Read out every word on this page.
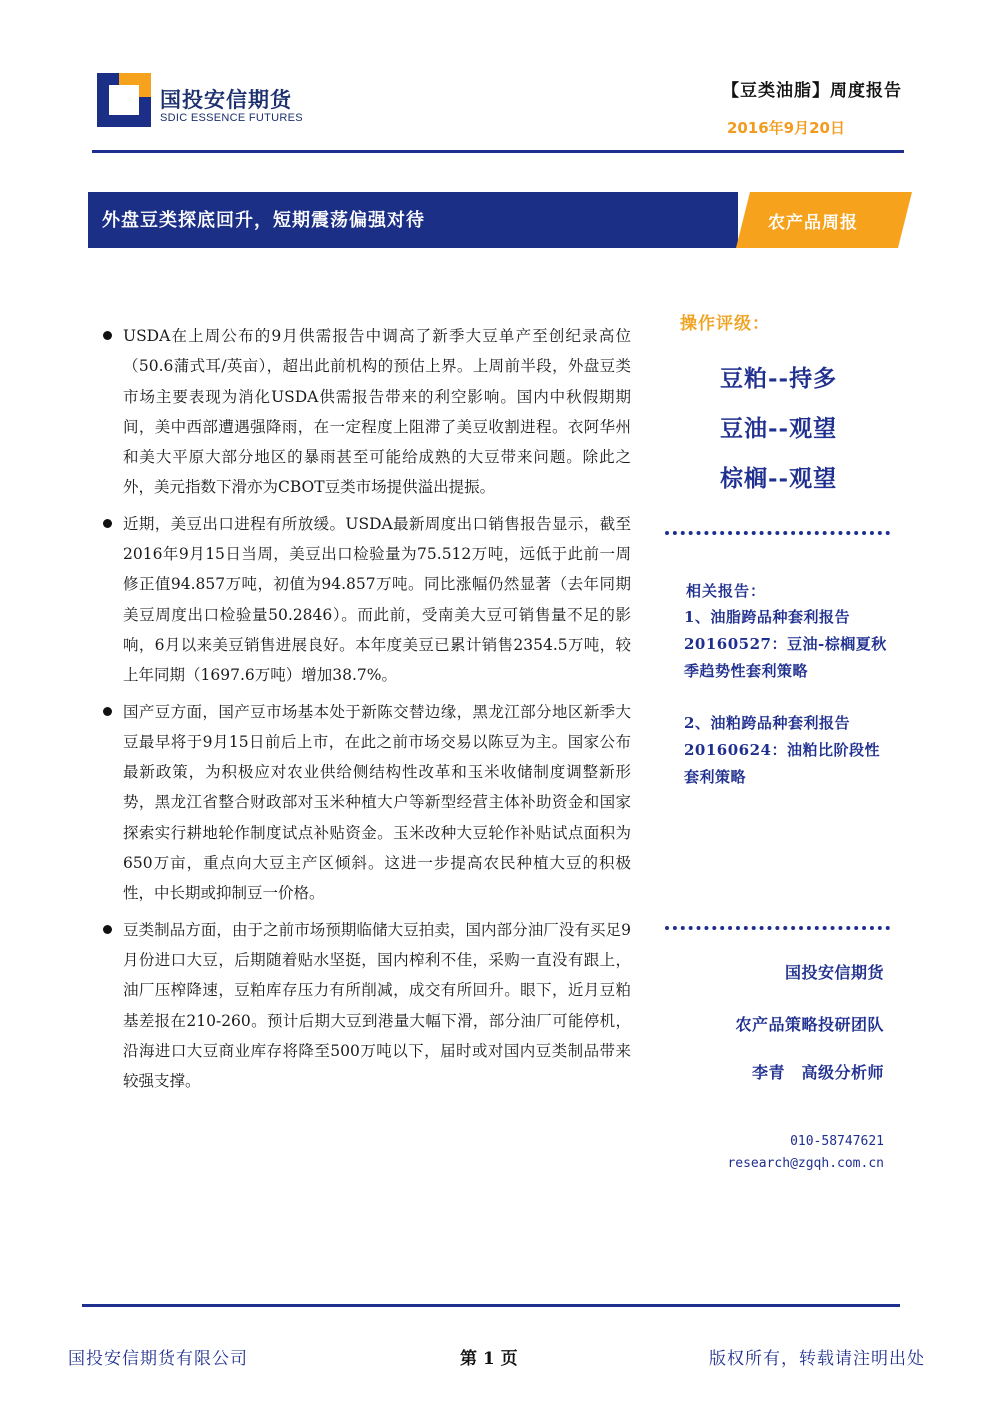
国投安信期货
SDIC ESSENCE FUTURES
【豆类油脂】周度报告
2016年9月20日
外盘豆类探底回升，短期震荡偏强对待	农产品周报
USDA在上周公布的9月供需报告中调高了新季大豆单产至创纪录高位（50.6蒲式耳/英亩），超出此前机构的预估上界。上周前半段，外盘豆类市场主要表现为消化USDA供需报告带来的利空影响。国内中秋假期期间，美中西部遭遇强降雨，在一定程度上阻滞了美豆收割进程。衣阿华州和美大平原大部分地区的暴雨甚至可能给成熟的大豆带来问题。除此之外，美元指数下滑亦为CBOT豆类市场提供溢出提振。
近期，美豆出口进程有所放缓。USDA最新周度出口销售报告显示，截至2016年9月15日当周，美豆出口检验量为75.512万吨，远低于此前一周修正值94.857万吨，初值为94.857万吨。同比涨幅仍然显著（去年同期美豆周度出口检验量50.2846）。而此前，受南美大豆可销售量不足的影响，6月以来美豆销售进展良好。本年度美豆已累计销售2354.5万吨，较上年同期（1697.6万吨）增加38.7%。
国产豆方面，国产豆市场基本处于新陈交替边缘，黑龙江部分地区新季大豆最早将于9月15日前后上市，在此之前市场交易以陈豆为主。国家公布最新政策，为积极应对农业供给侧结构性改革和玉米收储制度调整新形势，黑龙江省整合财政部对玉米种植大户等新型经营主体补助资金和国家探索实行耕地轮作制度试点补贴资金。玉米改种大豆轮作补贴试点面积为650万亩，重点向大豆主产区倾斜。这进一步提高农民种植大豆的积极性，中长期或抑制豆一价格。
豆类制品方面，由于之前市场预期临储大豆拍卖，国内部分油厂没有买足9月份进口大豆，后期随着贴水坚挺，国内榨利不佳，采购一直没有跟上，油厂压榨降速，豆粕库存压力有所削减，成交有所回升。眼下，近月豆粕基差报在210-260。预计后期大豆到港量大幅下滑，部分油厂可能停机，沿海进口大豆商业库存将降至500万吨以下，届时或对国内豆类制品带来较强支撑。
操作评级：
豆粕--持多
豆油--观望
棕榈--观望
相关报告：
1、油脂跨品种套利报告20160527：豆油-棕榈夏秋季趋势性套利策略
2、油粕跨品种套利报告20160624：油粕比阶段性套利策略
国投安信期货
农产品策略投研团队
李青　高级分析师
010-58747621
research@zgqh.com.cn
国投安信期货有限公司	第 1 页	版权所有，转载请注明出处
